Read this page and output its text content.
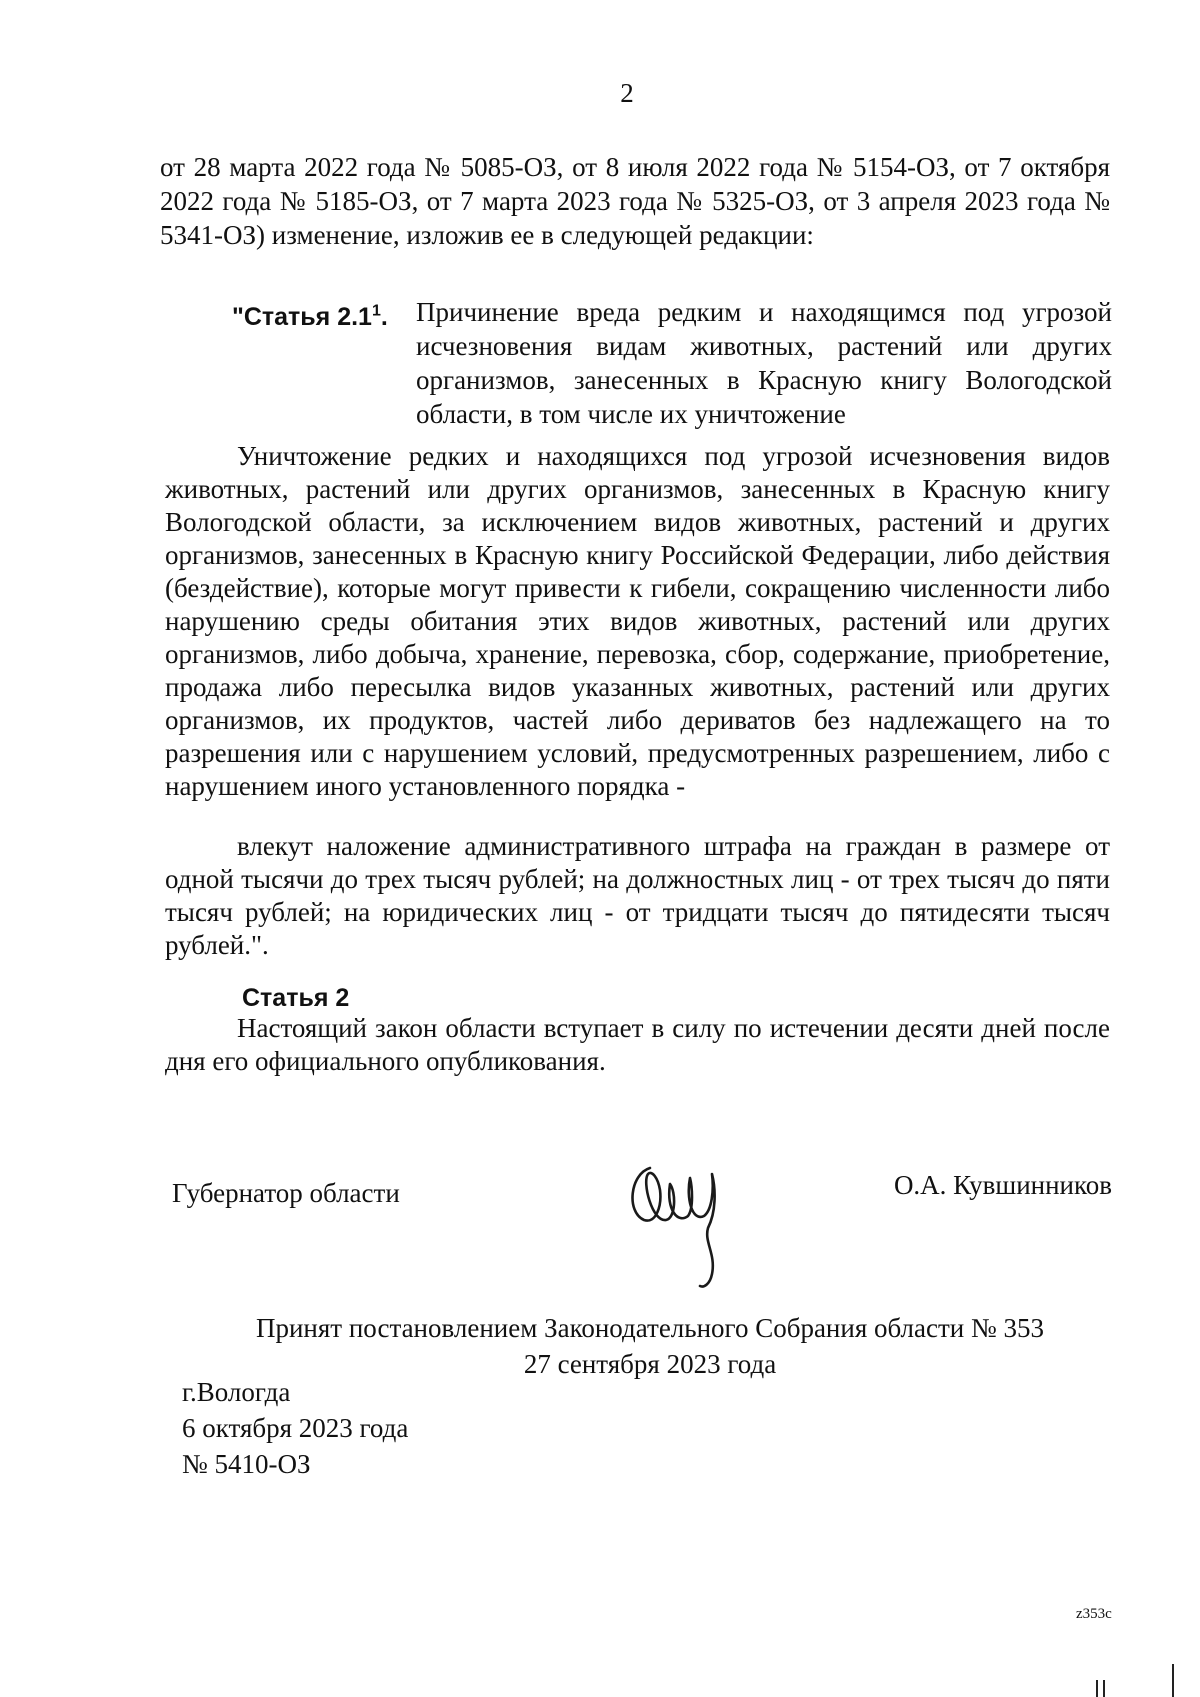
2

от 28 марта 2022 года № 5085-ОЗ, от 8 июля 2022 года № 5154-ОЗ, от 7 октября 2022 года № 5185-ОЗ, от 7 марта 2023 года № 5325-ОЗ, от 3 апреля 2023 года № 5341-ОЗ) изменение, изложив ее в следующей редакции:

"Статья $2.1^1$. Причинение вреда редким и находящимся под угрозой исчезновения видам животных, растений или других организмов, занесенных в Красную книгу Вологодской области, в том числе их уничтожение

Уничтожение редких и находящихся под угрозой исчезновения видов животных, растений или других организмов, занесенных в Красную книгу Вологодской области, за исключением видов животных, растений и других организмов, занесенных в Красную книгу Российской Федерации, либо действия (бездействие), которые могут привести к гибели, сокращению численности либо нарушению среды обитания этих видов животных, растений или других организмов, либо добыча, хранение, перевозка, сбор, содержание, приобретение, продажа либо пересылка видов указанных животных, растений или других организмов, их продуктов, частей либо дериватов без надлежащего на то разрешения или с нарушением условий, предусмотренных разрешением, либо с нарушением иного установленного порядка -

влекут наложение административного штрафа на граждан в размере от одной тысячи до трех тысяч рублей; на должностных лиц - от трех тысяч до пяти тысяч рублей; на юридических лиц - от тридцати тысяч до пятидесяти тысяч рублей.".

Статья 2

Настоящий закон области вступает в силу по истечении десяти дней после дня его официального опубликования.

Губернатор области	О.А. Кувшинников
Принят постановлением Законодательного Собрания области № 353
27 сентября 2023 года
г.Вологда
6 октября 2023 года
№ 5410-ОЗ
z353c
